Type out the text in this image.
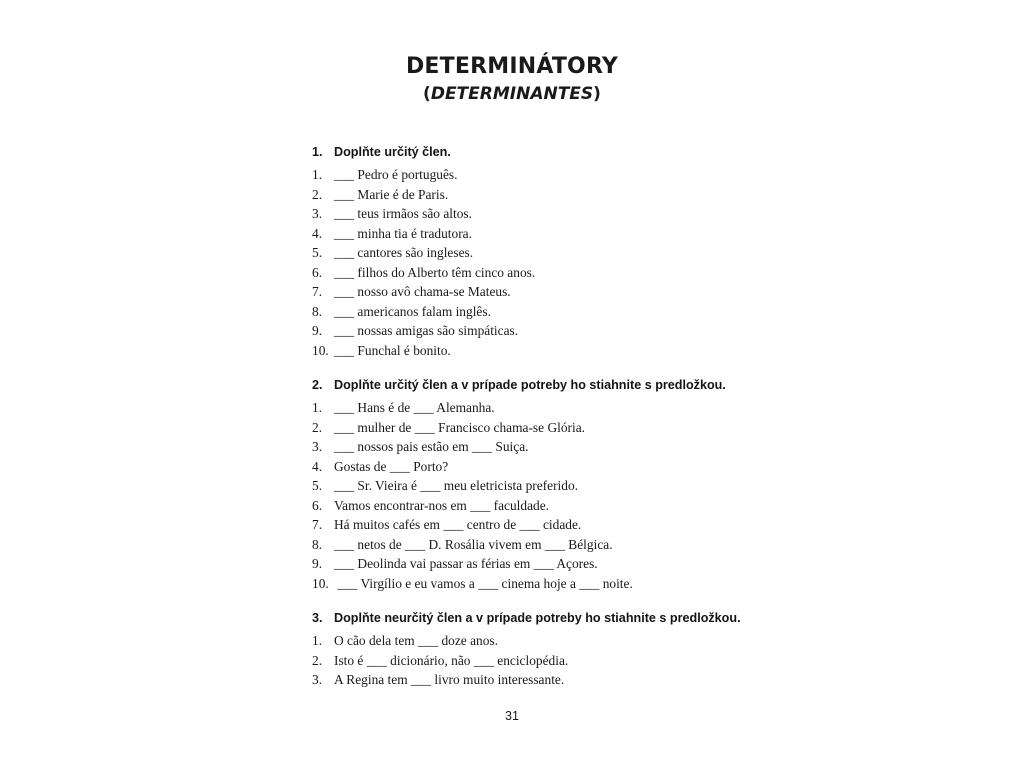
DETERMINÁTORY
(DETERMINANTES)
1. Doplňte určitý člen.
1. ___ Pedro é português.
2. ___ Marie é de Paris.
3. ___ teus irmãos são altos.
4. ___ minha tia é tradutora.
5. ___ cantores são ingleses.
6. ___ filhos do Alberto têm cinco anos.
7. ___ nosso avô chama-se Mateus.
8. ___ americanos falam inglês.
9. ___ nossas amigas são simpáticas.
10. ___ Funchal é bonito.
2. Doplňte určitý člen a v prípade potreby ho stiahnite s predložkou.
1. ___ Hans é de ___ Alemanha.
2. ___ mulher de ___ Francisco chama-se Glória.
3. ___ nossos pais estão em ___ Suiça.
4. Gostas de ___ Porto?
5. ___ Sr. Vieira é ___ meu eletricista preferido.
6. Vamos encontrar-nos em ___ faculdade.
7. Há muitos cafés em ___ centro de ___ cidade.
8. ___ netos de ___ D. Rosália vivem em ___ Bélgica.
9. ___ Deolinda vai passar as férias em ___ Açores.
10. ___ Virgílio e eu vamos a ___ cinema hoje a ___ noite.
3. Doplňte neurčitý člen a v prípade potreby ho stiahnite s predložkou.
1. O cão dela tem ___ doze anos.
2. Isto é ___ dicionário, não ___ enciclopédia.
3. A Regina tem ___ livro muito interessante.
31
